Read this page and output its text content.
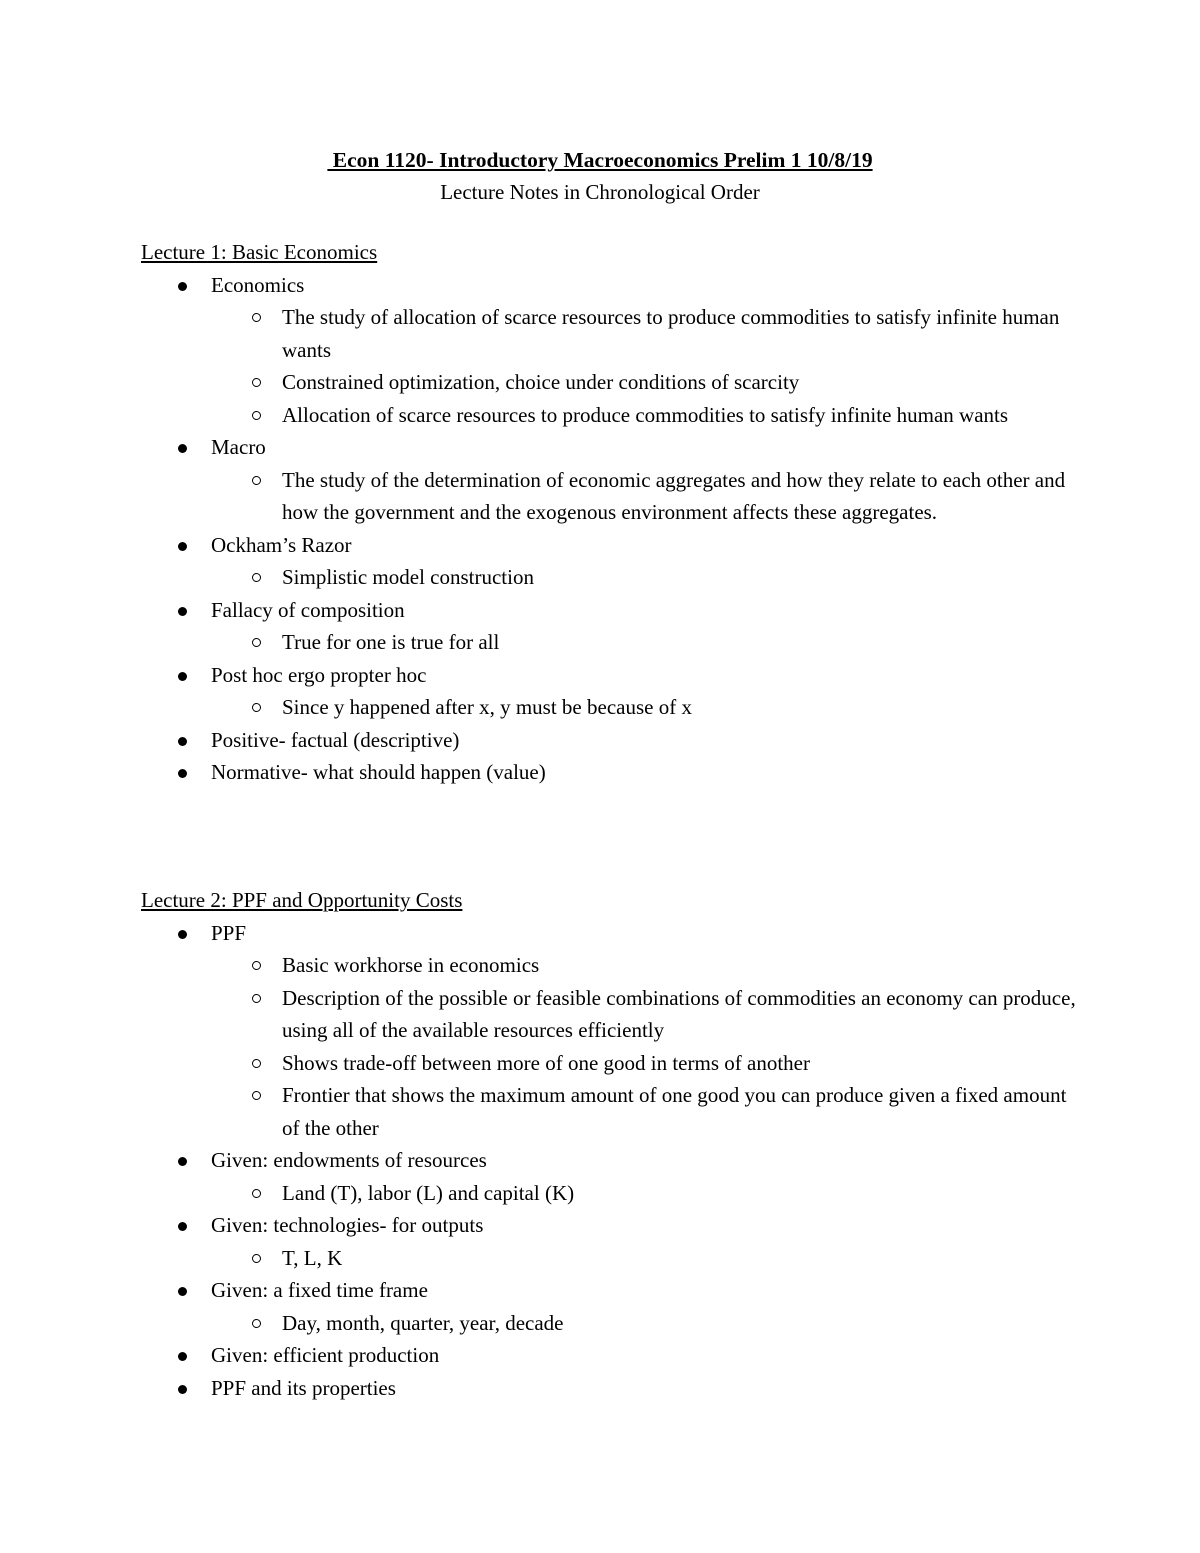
Econ 1120- Introductory Macroeconomics Prelim 1 10/8/19
Lecture Notes in Chronological Order
Lecture 1: Basic Economics
Economics
The study of allocation of scarce resources to produce commodities to satisfy infinite human wants
Constrained optimization, choice under conditions of scarcity
Allocation of scarce resources to produce commodities to satisfy infinite human wants
Macro
The study of the determination of economic aggregates and how they relate to each other and how the government and the exogenous environment affects these aggregates.
Ockham’s Razor
Simplistic model construction
Fallacy of composition
True for one is true for all
Post hoc ergo propter hoc
Since y happened after x, y must be because of x
Positive- factual (descriptive)
Normative- what should happen (value)
Lecture 2: PPF and Opportunity Costs
PPF
Basic workhorse in economics
Description of the possible or feasible combinations of commodities an economy can produce, using all of the available resources efficiently
Shows trade-off between more of one good in terms of another
Frontier that shows the maximum amount of one good you can produce given a fixed amount of the other
Given: endowments of resources
Land (T), labor (L) and capital (K)
Given: technologies- for outputs
T, L, K
Given: a fixed time frame
Day, month, quarter, year, decade
Given: efficient production
PPF and its properties
